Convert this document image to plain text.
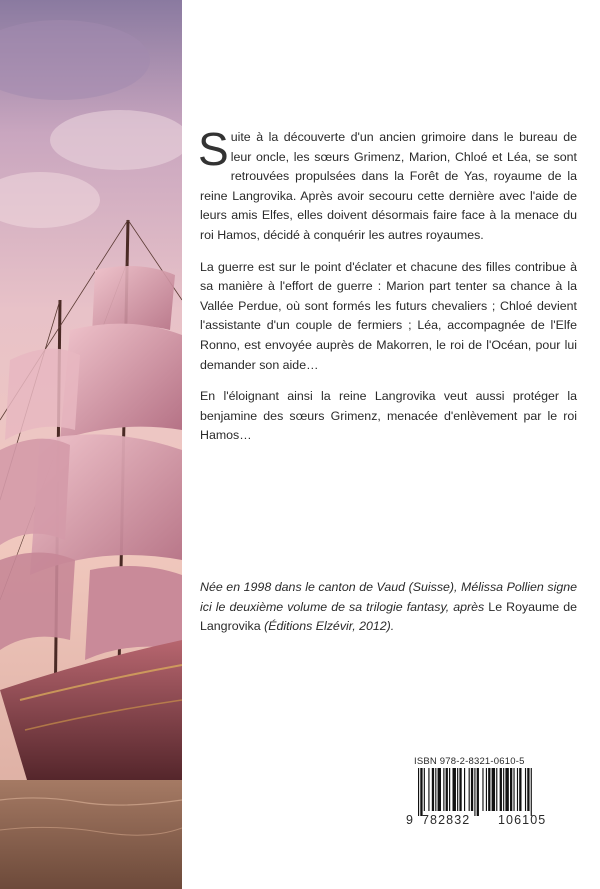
Suite à la découverte d'un ancien grimoire dans le bureau de leur oncle, les sœurs Grimenz, Marion, Chloé et Léa, se sont retrouvées propulsées dans la Forêt de Yas, royaume de la reine Langrovika. Après avoir secouru cette dernière avec l'aide de leurs amis Elfes, elles doivent désormais faire face à la menace du roi Hamos, décidé à conquérir les autres royaumes.

La guerre est sur le point d'éclater et chacune des filles contribue à sa manière à l'effort de guerre : Marion part tenter sa chance à la Vallée Perdue, où sont formés les futurs chevaliers ; Chloé devient l'assistante d'un couple de fermiers ; Léa, accompagnée de l'Elfe Ronno, est envoyée auprès de Makorren, le roi de l'Océan, pour lui demander son aide…

En l'éloignant ainsi la reine Langrovika veut aussi protéger la benjamine des sœurs Grimenz, menacée d'enlèvement par le roi Hamos…

Née en 1998 dans le canton de Vaud (Suisse), Mélissa Pollien signe ici le deuxième volume de sa trilogie fantasy, après Le Royaume de Langrovika (Éditions Elzévir, 2012).

ISBN 978-2-8321-0610-5
9 782832 106105
